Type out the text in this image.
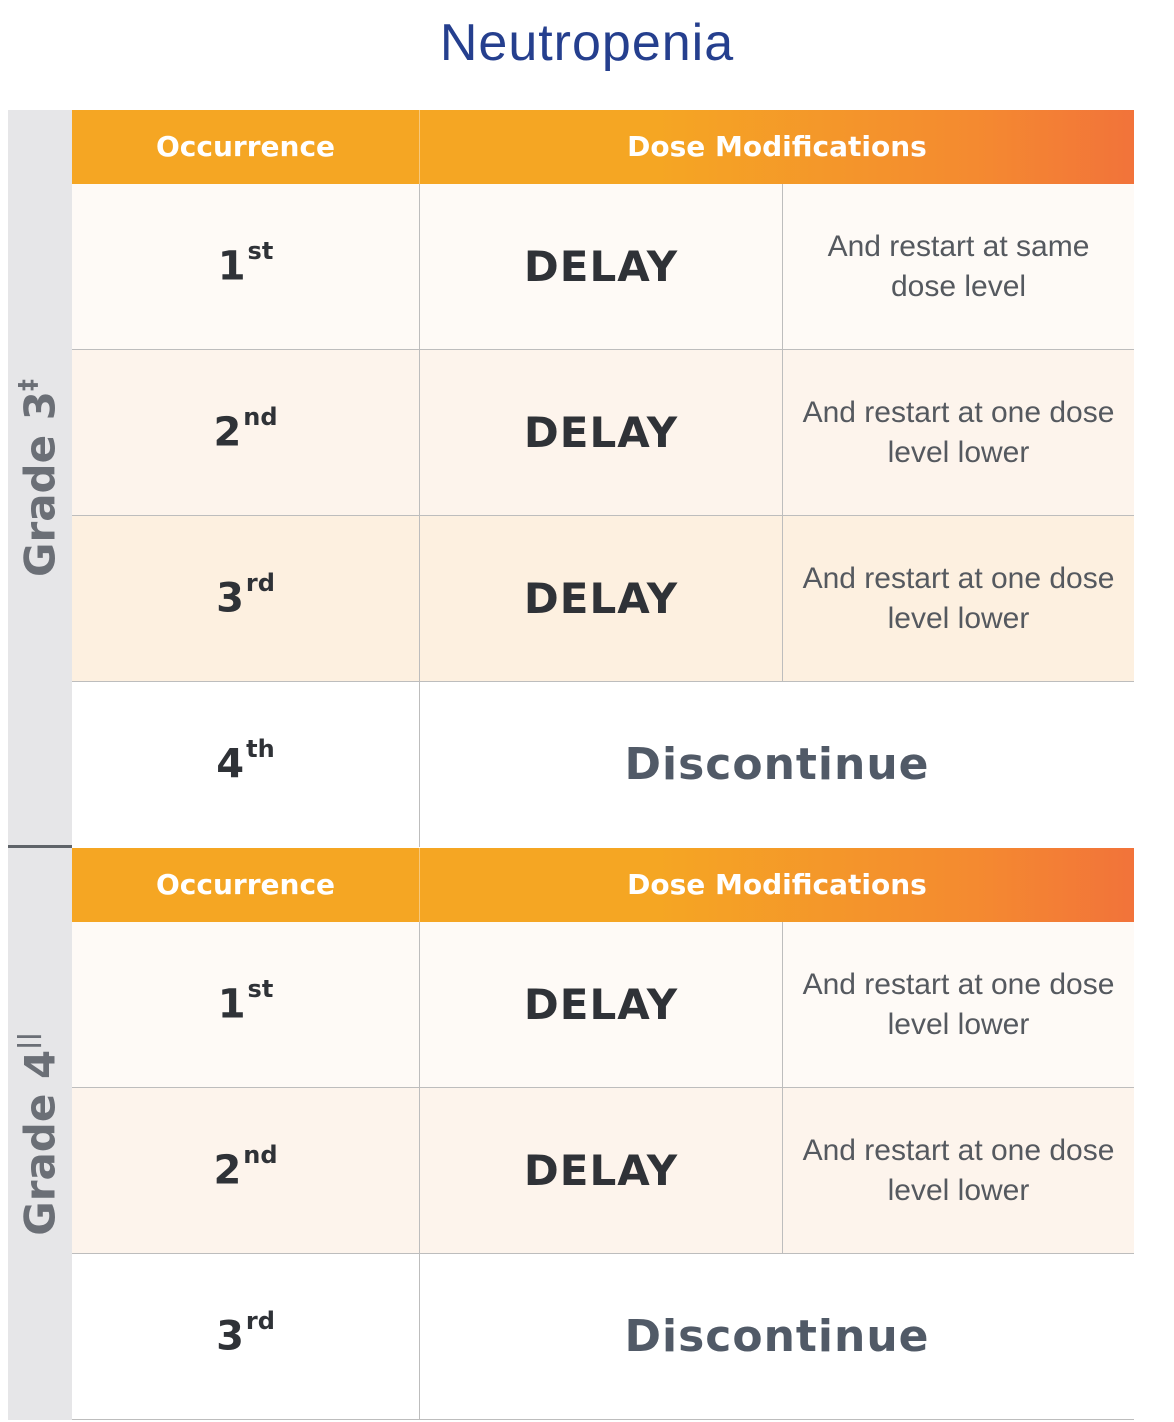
Neutropenia
Grade 3‡
Grade 4||
Occurrence	Dose Modifications
1st	DELAY	And restart at same dose level
2nd	DELAY	And restart at one dose level lower
3rd	DELAY	And restart at one dose level lower
4th	Discontinue
Occurrence	Dose Modifications
1st	DELAY	And restart at one dose level lower
2nd	DELAY	And restart at one dose level lower
3rd	Discontinue
